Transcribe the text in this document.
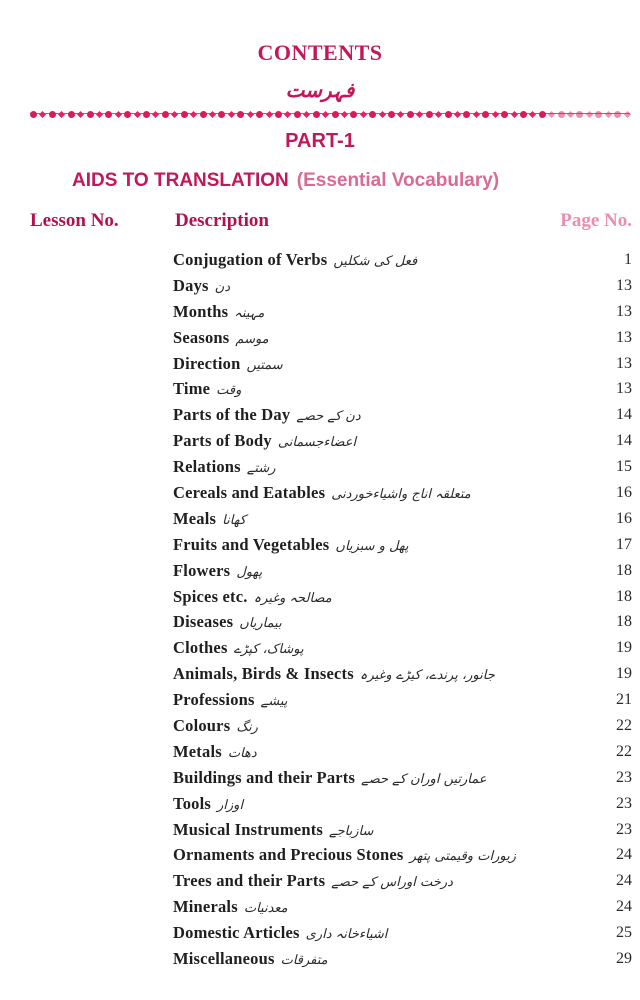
CONTENTS
فہرست
PART-1
AIDS TO TRANSLATION (Essential Vocabulary)
Lesson No.	Description	Page No.
Conjugation of Verbs فعل کی شکلیں	1
Days دن	13
Months مہینہ	13
Seasons موسم	13
Direction سمتیں	13
Time وقت	13
Parts of the Day دن کے حصے	14
Parts of Body اعضاءجسمانی	14
Relations رشتے	15
Cereals and Eatables متعلقہ اناج واشیاءخوردنی	16
Meals کھانا	16
Fruits and Vegetables پھل و سبزیاں	17
Flowers پھول	18
Spices etc. مصالحہ وغیرہ	18
Diseases بیماریاں	18
Clothes پوشاک، کپڑے	19
Animals, Birds & Insects جانور، پرندے، کیڑے وغیرہ	19
Professions پیشے	21
Colours رنگ	22
Metals دھات	22
Buildings and their Parts عمارتیں اوران کے حصے	23
Tools اوزار	23
Musical Instruments سازباجے	23
Ornaments and Precious Stones زیورات وقیمتی پتھر	24
Trees and their Parts درخت اوراس کے حصے	24
Minerals معدنیات	24
Domestic Articles اشیاءخانہ داری	25
Miscellaneous متفرقات	29
